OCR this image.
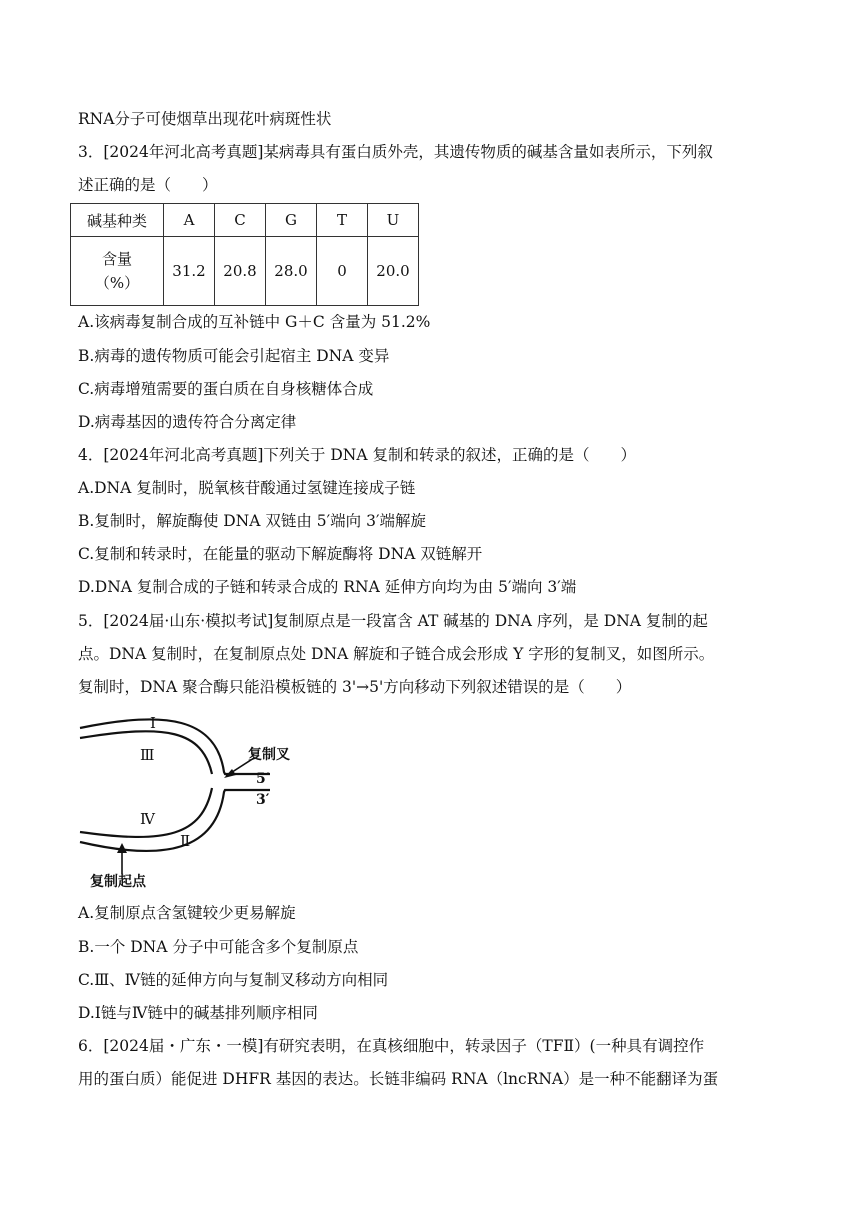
RNA分子可使烟草出现花叶病斑性状
3．[2024年河北高考真题]某病毒具有蛋白质外壳，其遗传物质的碱基含量如表所示，下列叙
述正确的是（　　）
碱基种类	A	C	G	T	U

含量
（%）	31.2	20.8	28.0	0	20.0
A.该病毒复制合成的互补链中 G＋C 含量为 51.2%
B.病毒的遗传物质可能会引起宿主 DNA 变异
C.病毒增殖需要的蛋白质在自身核糖体合成
D.病毒基因的遗传符合分离定律
4．[2024年河北高考真题]下列关于 DNA 复制和转录的叙述，正确的是（　　）
A.DNA 复制时，脱氧核苷酸通过氢键连接成子链
B.复制时，解旋酶使 DNA 双链由 5′端向 3′端解旋
C.复制和转录时，在能量的驱动下解旋酶将 DNA 双链解开
D.DNA 复制合成的子链和转录合成的 RNA 延伸方向均为由 5′端向 3′端
5．[2024届·山东·模拟考试]复制原点是一段富含 AT 碱基的 DNA 序列，是 DNA 复制的起
点。DNA 复制时，在复制原点处 DNA 解旋和子链合成会形成 Y 字形的复制叉，如图所示。
复制时，DNA 聚合酶只能沿模板链的 3'→5'方向移动下列叙述错误的是（　　）
Ⅰ
Ⅲ
Ⅳ
Ⅱ
复制叉
5′
3′
复制起点
A.复制原点含氢键较少更易解旋
B.一个 DNA 分子中可能含多个复制原点
C.Ⅲ、Ⅳ链的延伸方向与复制叉移动方向相同
D.Ⅰ链与Ⅳ链中的碱基排列顺序相同
6．[2024届・广东・一模]有研究表明，在真核细胞中，转录因子（TFⅡ）(一种具有调控作
用的蛋白质）能促进 DHFR 基因的表达。长链非编码 RNA（lncRNA）是一种不能翻译为蛋
